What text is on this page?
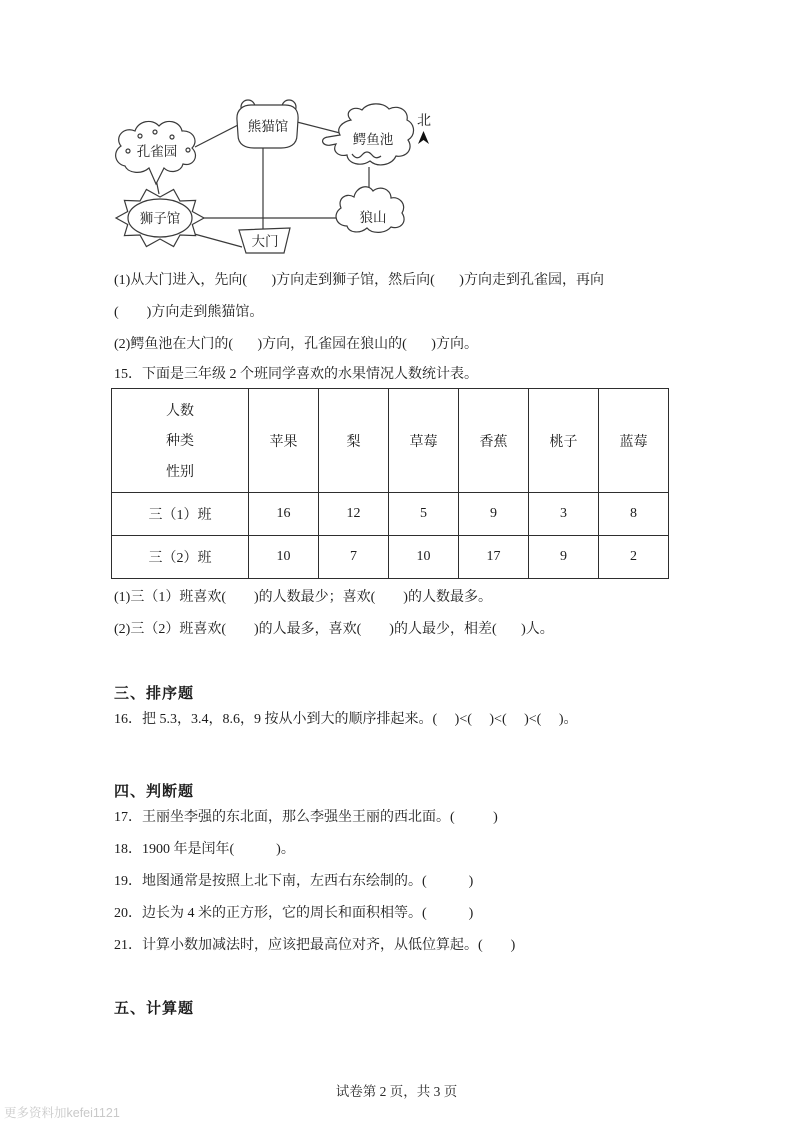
熊猫馆
鳄鱼池
孔雀园
狮子馆	狼山
大门
北
(1)从大门进入，先向(       )方向走到狮子馆，然后向(       )方向走到孔雀园，再向
(        )方向走到熊猫馆。
(2)鳄鱼池在大门的(       )方向，孔雀园在狼山的(       )方向。
15．下面是三年级 2 个班同学喜欢的水果情况人数统计表。
人数
种类
性别	苹果	梨	草莓	香蕉	桃子	蓝莓
三（1）班	16	12	5	9	3	8
三（2）班	10	7	10	17	9	2
(1)三（1）班喜欢(        )的人数最少；喜欢(        )的人数最多。
(2)三（2）班喜欢(        )的人最多，喜欢(        )的人最少，相差(       )人。
三、排序题
16．把 5.3，3.4，8.6，9 按从小到大的顺序排起来。(     )<(     )<(     )<(     )。
四、判断题
17．王丽坐李强的东北面，那么李强坐王丽的西北面。(           )
18．1900 年是闰年(            )。
19．地图通常是按照上北下南，左西右东绘制的。(            )
20．边长为 4 米的正方形，它的周长和面积相等。(            )
21．计算小数加减法时，应该把最高位对齐，从低位算起。(        )
五、计算题
试卷第 2 页，共 3 页
更多资料加kefei1121
